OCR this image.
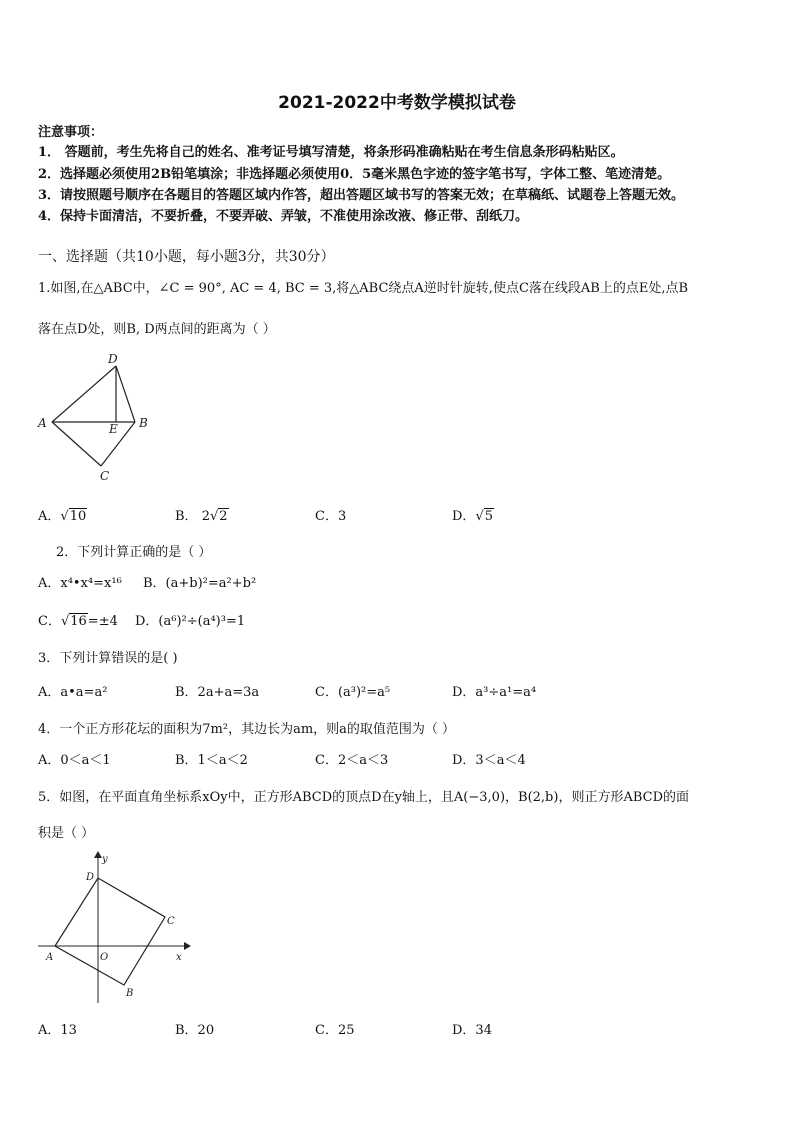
2021-2022中考数学模拟试卷
注意事项：
1． 答题前，考生先将自己的姓名、准考证号填写清楚，将条形码准确粘贴在考生信息条形码粘贴区。
2．选择题必须使用2B铅笔填涂；非选择题必须使用0．5毫米黑色字迹的签字笔书写，字体工整、笔迹清楚。
3．请按照题号顺序在各题目的答题区域内作答，超出答题区域书写的答案无效；在草稿纸、试题卷上答题无效。
4．保持卡面清洁，不要折叠，不要弄破、弄皱，不准使用涂改液、修正带、刮纸刀。
一、选择题（共10小题，每小题3分，共30分）
1.如图,在△ABC中，∠C = 90°, AC = 4, BC = 3,将△ABC绕点A逆时针旋转,使点C落在线段AB上的点E处,点B
落在点D处，则B, D两点间的距离为（ ）
D
A	B
E
C
A．√10	B． 2√2	C．3	D．√5
2．下列计算正确的是（ ）
A．x⁴•x⁴=x¹⁶ B．(a+b)²=a²+b²
C．√16=±4 D．(a⁶)²÷(a⁴)³=1
3．下列计算错误的是( )
A．a•a=a²	B．2a+a=3a	C．(a³)²=a⁵	D．a³÷a¹=a⁴
4．一个正方形花坛的面积为7m²，其边长为am，则a的取值范围为（ ）
A．0＜a＜1	B．1＜a＜2	C．2＜a＜3	D．3＜a＜4
5．如图，在平面直角坐标系xOy中，正方形ABCD的顶点D在y轴上，且A(−3,0)，B(2,b)，则正方形ABCD的面
积是（ ）
y
x
D
C
A	O
B
A．13	B．20	C．25	D．34
